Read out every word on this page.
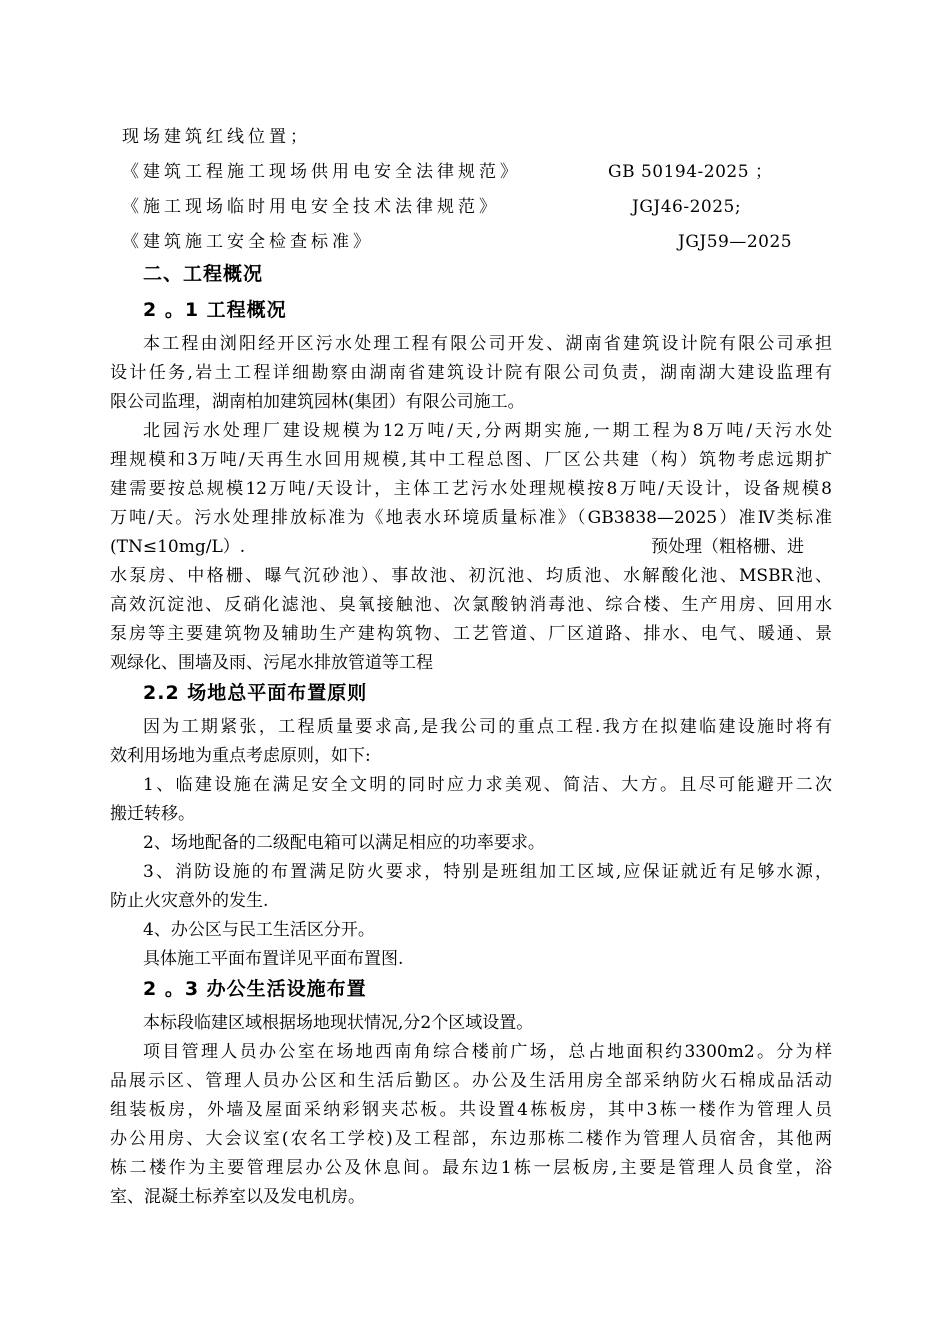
现场建筑红线位置；
《建筑工程施工现场供用电安全法律规范》	GB 50194-2025 ；
《施工现场临时用电安全技术法律规范》	JGJ46-2025;
《建筑施工安全检查标准》	JGJ59—2025
二、工程概况
2 。1 工程概况
本工程由浏阳经开区污水处理工程有限公司开发、湖南省建筑设计院有限公司承担
设计任务,岩土工程详细勘察由湖南省建筑设计院有限公司负责，湖南湖大建设监理有
限公司监理，湖南柏加建筑园林(集团）有限公司施工。
北园污水处理厂建设规模为12万吨/天,分两期实施,一期工程为8万吨/天污水处
理规模和3万吨/天再生水回用规模,其中工程总图、厂区公共建（构）筑物考虑远期扩
建需要按总规模12万吨/天设计，主体工艺污水处理规模按8万吨/天设计，设备规模8
万吨/天。污水处理排放标准为《地表水环境质量标准》（GB3838—2025）准Ⅳ类标准
(TN≤10mg/L）.	预处理（粗格栅、进
水泵房、中格栅、曝气沉砂池）、事故池、初沉池、均质池、水解酸化池、MSBR池、
高效沉淀池、反硝化滤池、臭氧接触池、次氯酸钠消毒池、综合楼、生产用房、回用水
泵房等主要建筑物及辅助生产建构筑物、工艺管道、厂区道路、排水、电气、暖通、景
观绿化、围墙及雨、污尾水排放管道等工程
2.2 场地总平面布置原则
因为工期紧张，工程质量要求高,是我公司的重点工程.我方在拟建临建设施时将有
效利用场地为重点考虑原则，如下:
1、临建设施在满足安全文明的同时应力求美观、简洁、大方。且尽可能避开二次
搬迁转移。
2、场地配备的二级配电箱可以满足相应的功率要求。
3、消防设施的布置满足防火要求，特别是班组加工区域,应保证就近有足够水源，
防止火灾意外的发生.
4、办公区与民工生活区分开。
具体施工平面布置详见平面布置图.
2 。3 办公生活设施布置
本标段临建区域根据场地现状情况,分2个区域设置。
项目管理人员办公室在场地西南角综合楼前广场，总占地面积约3300m2。分为样
品展示区、管理人员办公区和生活后勤区。办公及生活用房全部采纳防火石棉成品活动
组装板房，外墙及屋面采纳彩钢夹芯板。共设置4栋板房，其中3栋一楼作为管理人员
办公用房、大会议室(农名工学校)及工程部，东边那栋二楼作为管理人员宿舍，其他两
栋二楼作为主要管理层办公及休息间。最东边1栋一层板房,主要是管理人员食堂，浴
室、混凝土标养室以及发电机房。
